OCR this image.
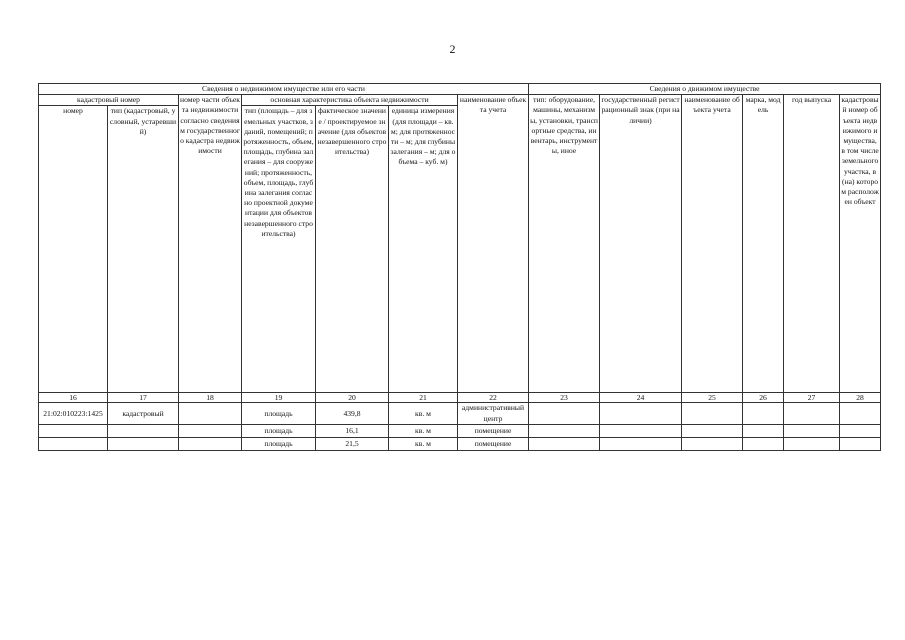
2
Сведения о недвижимом имуществе или его части							Сведения о движимом имуществе					
кадастровый номер		номер части объекта недвижимости согласно сведениям государственного кадастра недвижимости	основная характеристика объекта недвижимости			наименование объекта учета	тип: оборудование, машины, механизмы, установки, транспортные средства, инвентарь, инструменты, иное	государственный регистрационный знак (при наличии)	наименование объекта учета	марка, модель	год выпуска	кадастровый номер объекта недвижимого имущества, в том числе земельного участка, в (на) котором расположен объект
номер	тип (кадастровый, условный, устаревший)		тип (площадь – для земельных участков, зданий, помещений; протяженность, объем, площадь, глубина залегания – для сооружений; протяженность, объем, площадь, глубина залегания согласно проектной документации для объектов незавершенного строительства)	фактическое значение / проектируемое значение (для объектов незавершенного строительства)	единица измерения (для площади – кв. м; для протяженности – м; для глубины залегания – м; для объема – куб. м)							
16	17	18	19	20	21	22	23	24	25	26	27	28
21:02:010223:1425	кадастровый		площадь	439,8	кв. м	административный центр						
			площадь	16,1	кв. м	помещение						
			площадь	21,5	кв. м	помещение						
